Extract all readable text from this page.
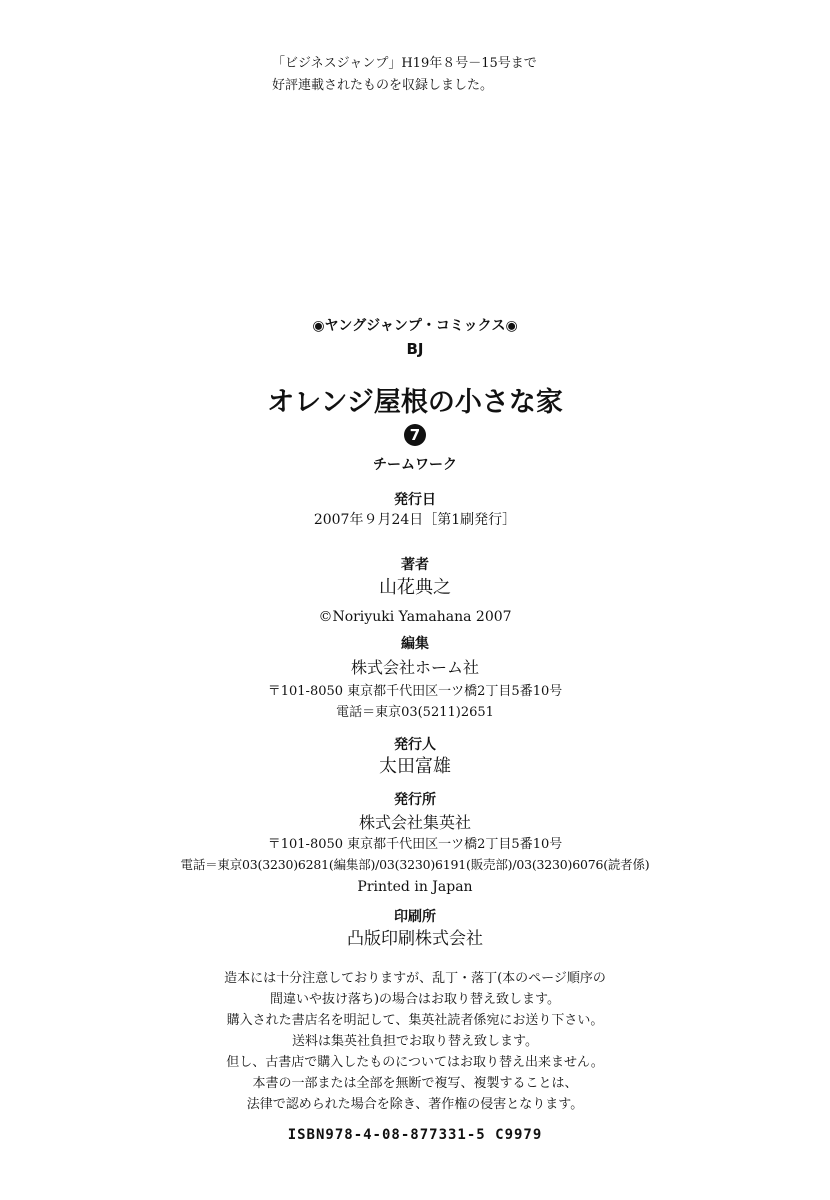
「ビジネスジャンプ」H19年８号－15号まで
好評連載されたものを収録しました。
◉ヤングジャンプ・コミックス◉
BJ
オレンジ屋根の小さな家
7
チームワーク
発行日
2007年９月24日［第1刷発行］
著者
山花典之
©Noriyuki Yamahana 2007
編集
株式会社ホーム社
〒101-8050 東京都千代田区一ツ橋2丁目5番10号
電話＝東京03(5211)2651
発行人
太田富雄
発行所
株式会社集英社
〒101-8050 東京都千代田区一ツ橋2丁目5番10号
電話＝東京03(3230)6281(編集部)/03(3230)6191(販売部)/03(3230)6076(読者係)
Printed in Japan
印刷所
凸版印刷株式会社
造本には十分注意しておりますが、乱丁・落丁(本のページ順序の
間違いや抜け落ち)の場合はお取り替え致します。
購入された書店名を明記して、集英社読者係宛にお送り下さい。
送料は集英社負担でお取り替え致します。
但し、古書店で購入したものについてはお取り替え出来ません。
本書の一部または全部を無断で複写、複製することは、
法律で認められた場合を除き、著作権の侵害となります。
ISBN978-4-08-877331-5 C9979
